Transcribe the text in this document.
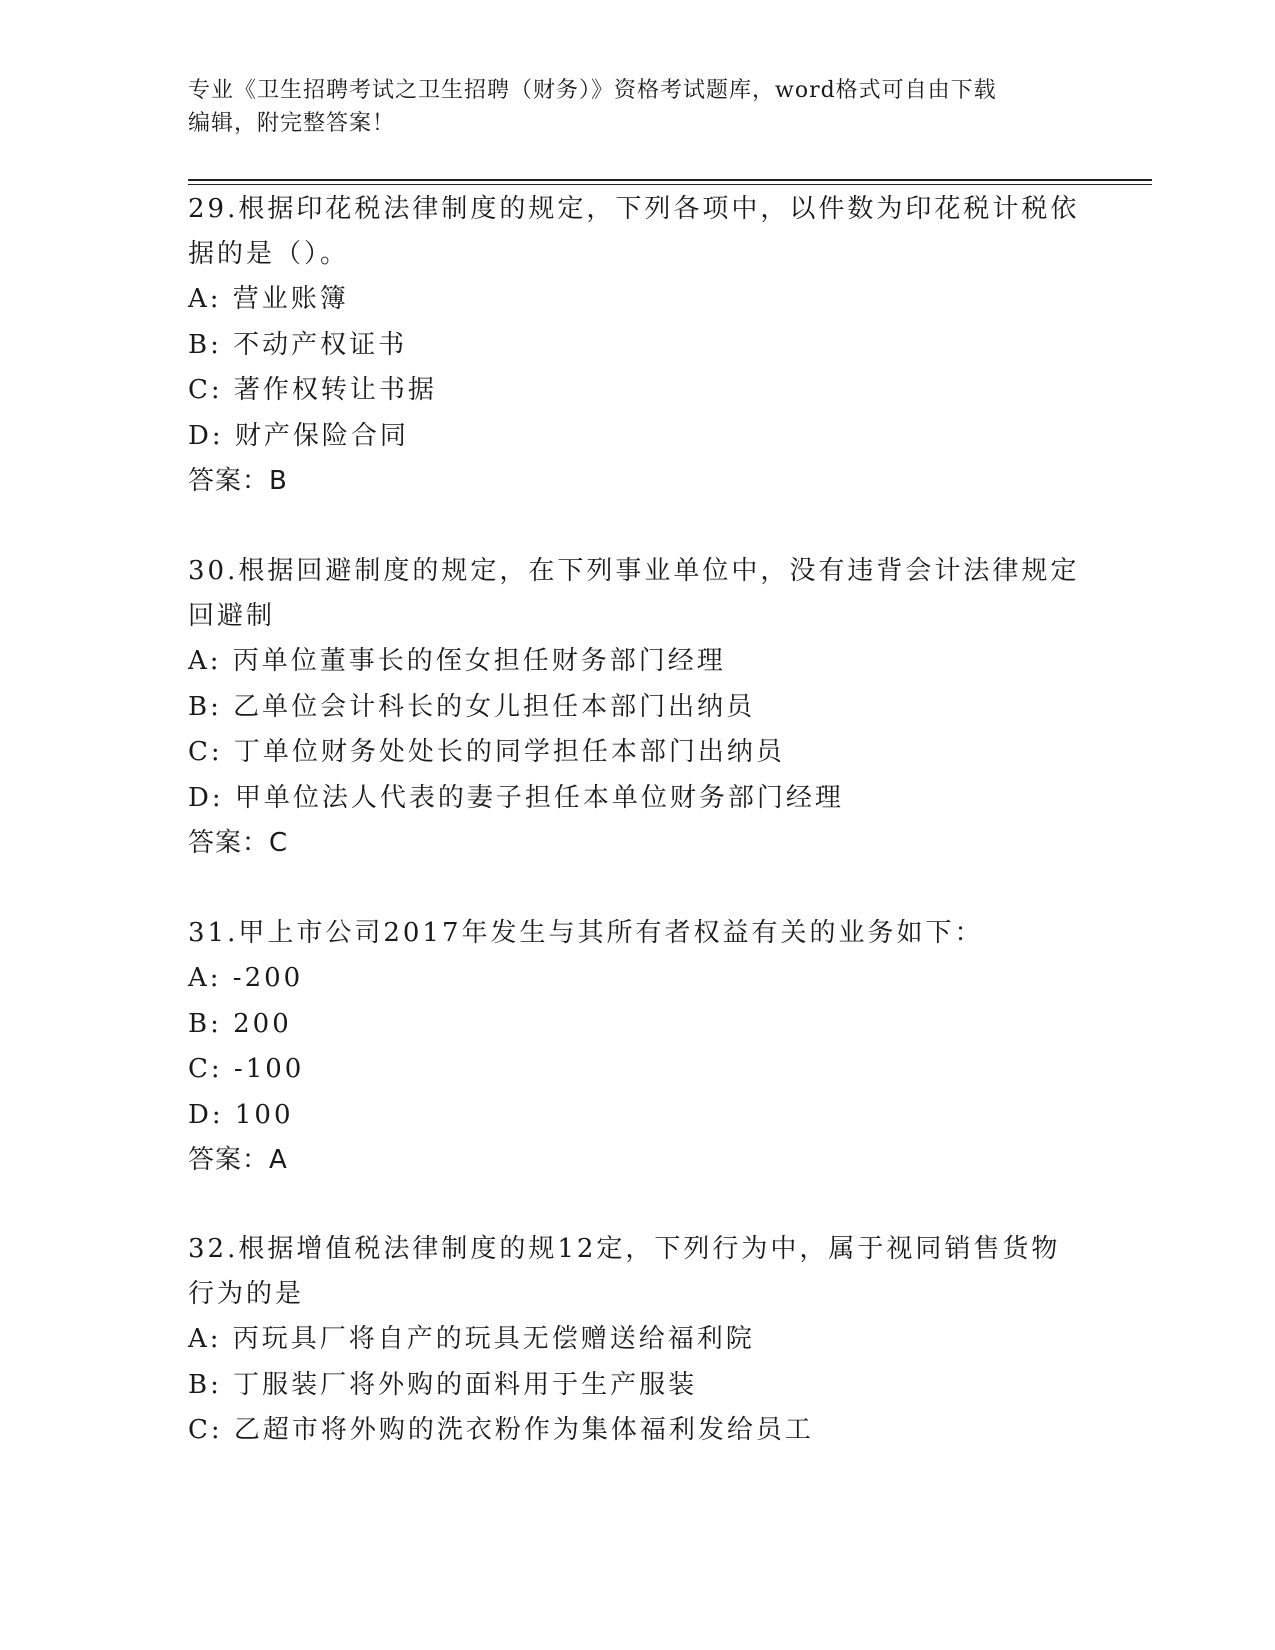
专业《卫生招聘考试之卫生招聘（财务）》资格考试题库，word格式可自由下载
编辑，附完整答案！
29.根据印花税法律制度的规定，下列各项中，以件数为印花税计税依
据的是（）。
A: 营业账簿
B: 不动产权证书
C: 著作权转让书据
D: 财产保险合同
答案：B
30.根据回避制度的规定，在下列事业单位中，没有违背会计法律规定
回避制
A: 丙单位董事长的侄女担任财务部门经理
B: 乙单位会计科长的女儿担任本部门出纳员
C: 丁单位财务处处长的同学担任本部门出纳员
D: 甲单位法人代表的妻子担任本单位财务部门经理
答案：C
31.甲上市公司2017年发生与其所有者权益有关的业务如下：
A: -200
B: 200
C: -100
D: 100
答案：A
32.根据增值税法律制度的规12定，下列行为中，属于视同销售货物
行为的是
A: 丙玩具厂将自产的玩具无偿赠送给福利院
B: 丁服装厂将外购的面料用于生产服装
C: 乙超市将外购的洗衣粉作为集体福利发给员工
